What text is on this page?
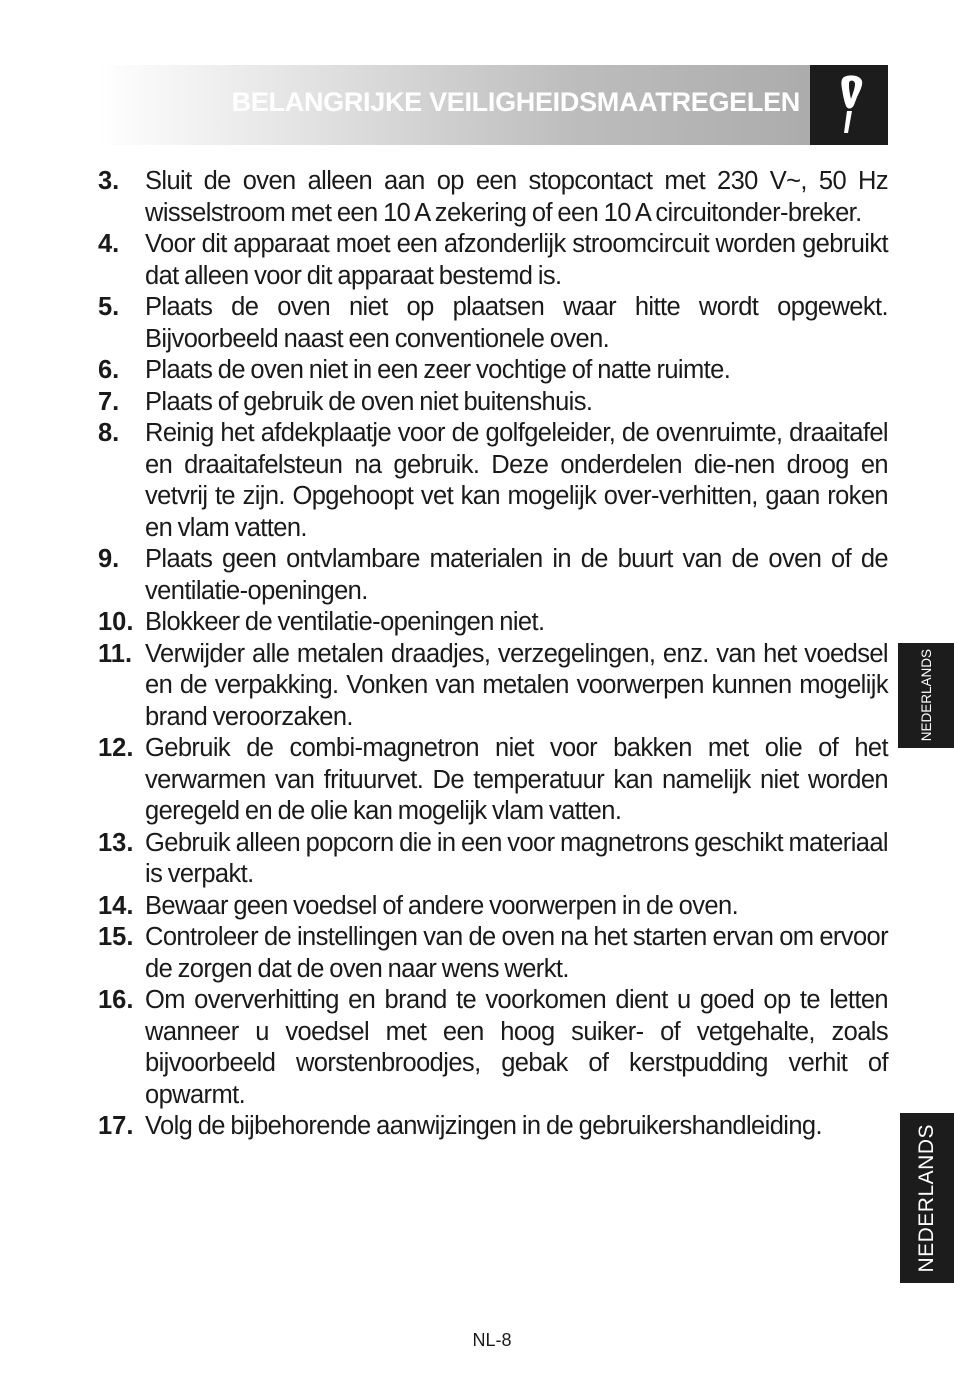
BELANGRIJKE VEILIGHEIDSMAATREGELEN
3. Sluit de oven alleen aan op een stopcontact met 230 V~, 50 Hz wisselstroom met een 10 A zekering of een 10 A circuitonder-breker.
4. Voor dit apparaat moet een afzonderlijk stroomcircuit worden gebruikt dat alleen voor dit apparaat bestemd is.
5. Plaats de oven niet op plaatsen waar hitte wordt opgewekt. Bijvoorbeeld naast een conventionele oven.
6. Plaats de oven niet in een zeer vochtige of natte ruimte.
7. Plaats of gebruik de oven niet buitenshuis.
8. Reinig het afdekplaatje voor de golfgeleider, de ovenruimte, draaitafel en draaitafelsteun na gebruik. Deze onderdelen die-nen droog en vetvrij te zijn. Opgehoopt vet kan mogelijk over-verhitten, gaan roken en vlam vatten.
9. Plaats geen ontvlambare materialen in de buurt van de oven of de ventilatie-openingen.
10. Blokkeer de ventilatie-openingen niet.
11. Verwijder alle metalen draadjes, verzegelingen, enz. van het voedsel en de verpakking. Vonken van metalen voorwerpen kunnen mogelijk brand veroorzaken.
12. Gebruik de combi-magnetron niet voor bakken met olie of het verwarmen van frituurvet. De temperatuur kan namelijk niet worden geregeld en de olie kan mogelijk vlam vatten.
13. Gebruik alleen popcorn die in een voor magnetrons geschikt materiaal is verpakt.
14. Bewaar geen voedsel of andere voorwerpen in de oven.
15. Controleer de instellingen van de oven na het starten ervan om ervoor de zorgen dat de oven naar wens werkt.
16. Om oververhitting en brand te voorkomen dient u goed op te letten wanneer u voedsel met een hoog suiker- of vetgehalte, zoals bijvoorbeeld worstenbroodjes, gebak of kerstpudding verhit of opwarmt.
17. Volg de bijbehorende aanwijzingen in de gebruikershandleiding.
NEDERLANDS
NEDERLANDS
NL-8
